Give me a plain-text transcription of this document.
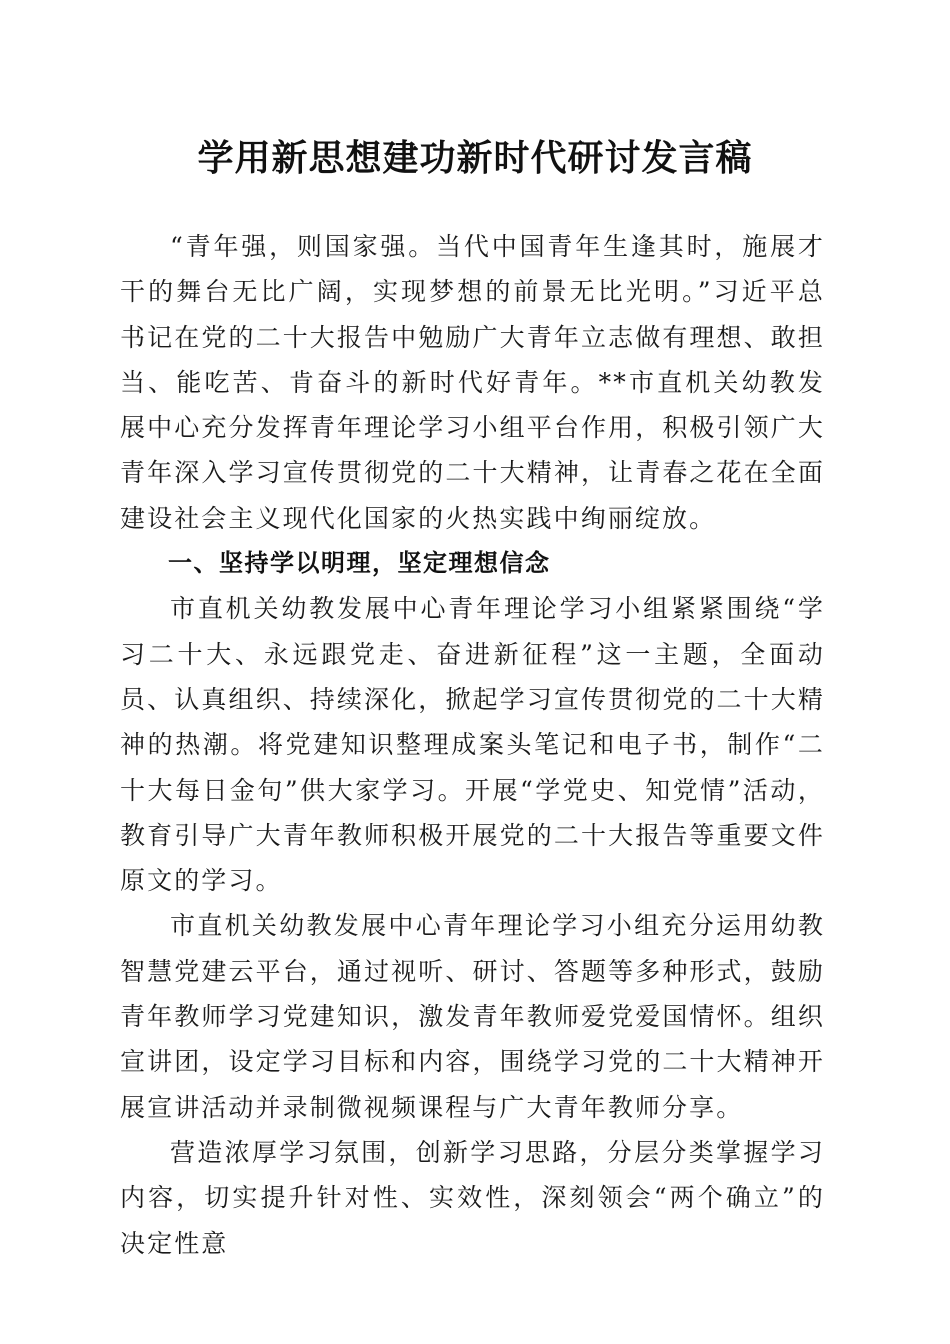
学用新思想建功新时代研讨发言稿

“青年强，则国家强。当代中国青年生逢其时，施展才干的舞台无比广阔，实现梦想的前景无比光明。”习近平总书记在党的二十大报告中勉励广大青年立志做有理想、敢担当、能吃苦、肯奋斗的新时代好青年。**市直机关幼教发展中心充分发挥青年理论学习小组平台作用，积极引领广大青年深入学习宣传贯彻党的二十大精神，让青春之花在全面建设社会主义现代化国家的火热实践中绚丽绽放。

一、坚持学以明理，坚定理想信念

市直机关幼教发展中心青年理论学习小组紧紧围绕“学习二十大、永远跟党走、奋进新征程”这一主题，全面动员、认真组织、持续深化，掀起学习宣传贯彻党的二十大精神的热潮。将党建知识整理成案头笔记和电子书，制作“二十大每日金句”供大家学习。开展“学党史、知党情”活动，教育引导广大青年教师积极开展党的二十大报告等重要文件原文的学习。

市直机关幼教发展中心青年理论学习小组充分运用幼教智慧党建云平台，通过视听、研讨、答题等多种形式，鼓励青年教师学习党建知识，激发青年教师爱党爱国情怀。组织宣讲团，设定学习目标和内容，围绕学习党的二十大精神开展宣讲活动并录制微视频课程与广大青年教师分享。

营造浓厚学习氛围，创新学习思路，分层分类掌握学习内容，切实提升针对性、实效性，深刻领会“两个确立”的决定性意
